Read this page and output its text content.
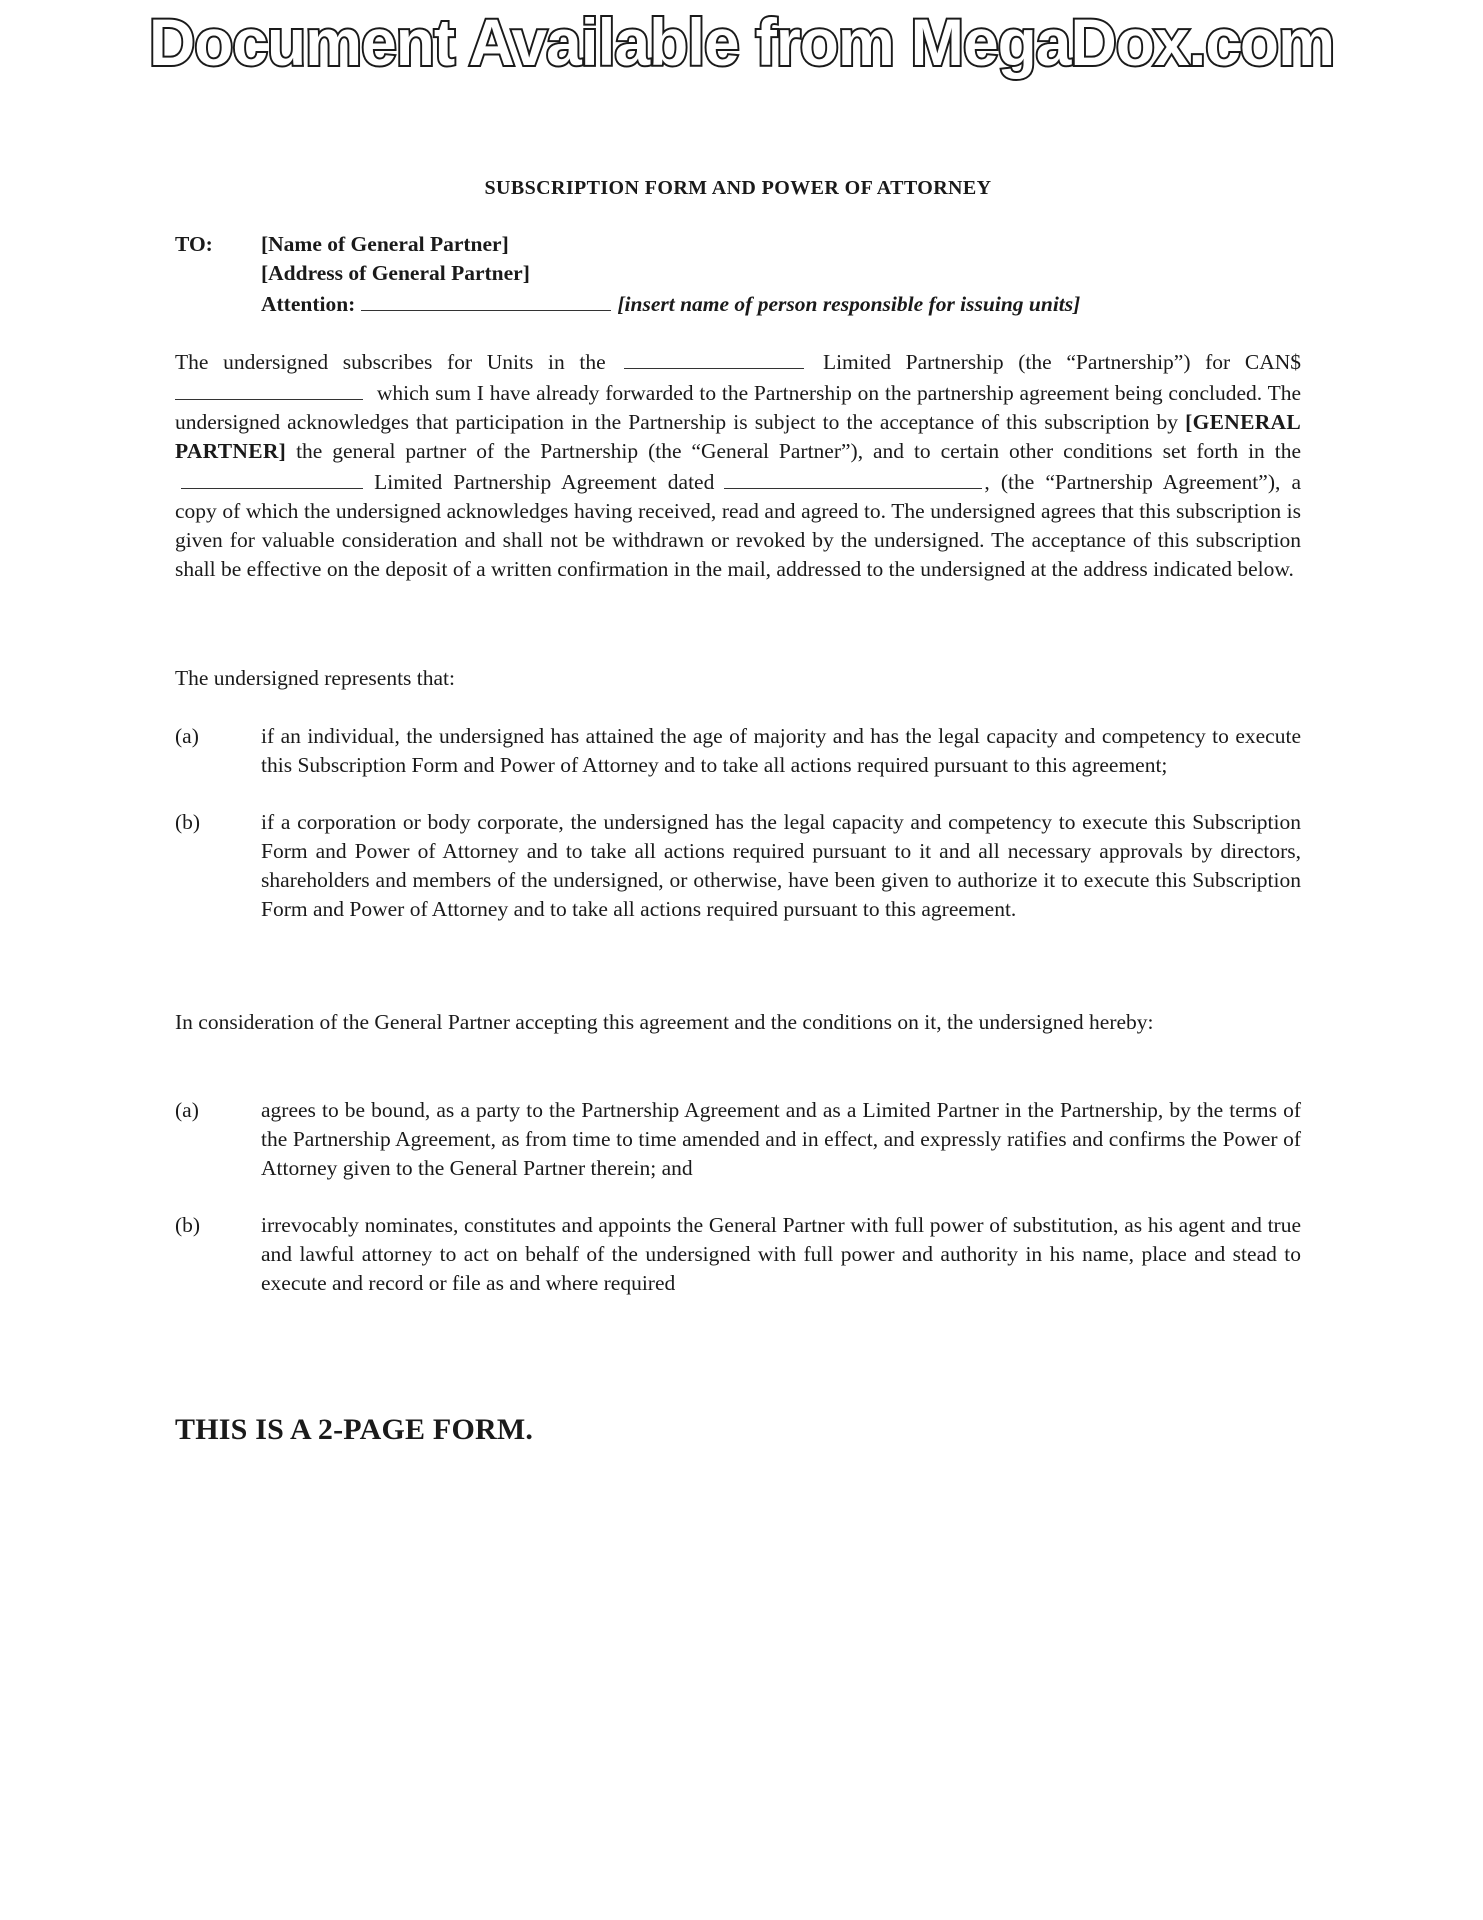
Document Available from MegaDox.com
SUBSCRIPTION FORM AND POWER OF ATTORNEY
TO:	[Name of General Partner]
[Address of General Partner]
Attention:	[insert name of person responsible for issuing units]
The undersigned subscribes for Units in the	Limited Partnership (the “Partnership”) for CAN$ which sum I have already forwarded to the Partnership on the partnership agreement being concluded. The undersigned acknowledges that participation in the Partnership is subject to the acceptance of this subscription by [GENERAL PARTNER] the general partner of the Partnership (the “General Partner”), and to certain other conditions set forth in the Limited Partnership Agreement dated	, (the “Partnership Agreement”), a copy of which the undersigned acknowledges having received, read and agreed to. The undersigned agrees that this subscription is given for valuable consideration and shall not be withdrawn or revoked by the undersigned. The acceptance of this subscription shall be effective on the deposit of a written confirmation in the mail, addressed to the undersigned at the address indicated below.
The undersigned represents that:
(a)	if an individual, the undersigned has attained the age of majority and has the legal capacity and competency to execute this Subscription Form and Power of Attorney and to take all actions required pursuant to this agreement;
(b)	if a corporation or body corporate, the undersigned has the legal capacity and competency to execute this Subscription Form and Power of Attorney and to take all actions required pursuant to it and all necessary approvals by directors, shareholders and members of the undersigned, or otherwise, have been given to authorize it to execute this Subscription Form and Power of Attorney and to take all actions required pursuant to this agreement.
In consideration of the General Partner accepting this agreement and the conditions on it, the undersigned hereby:
(a)	agrees to be bound, as a party to the Partnership Agreement and as a Limited Partner in the Partnership, by the terms of the Partnership Agreement, as from time to time amended and in effect, and expressly ratifies and confirms the Power of Attorney given to the General Partner therein; and
(b)	irrevocably nominates, constitutes and appoints the General Partner with full power of substitution, as his agent and true and lawful attorney to act on behalf of the undersigned with full power and authority in his name, place and stead to execute and record or file as and where required
THIS IS A 2-PAGE FORM.
